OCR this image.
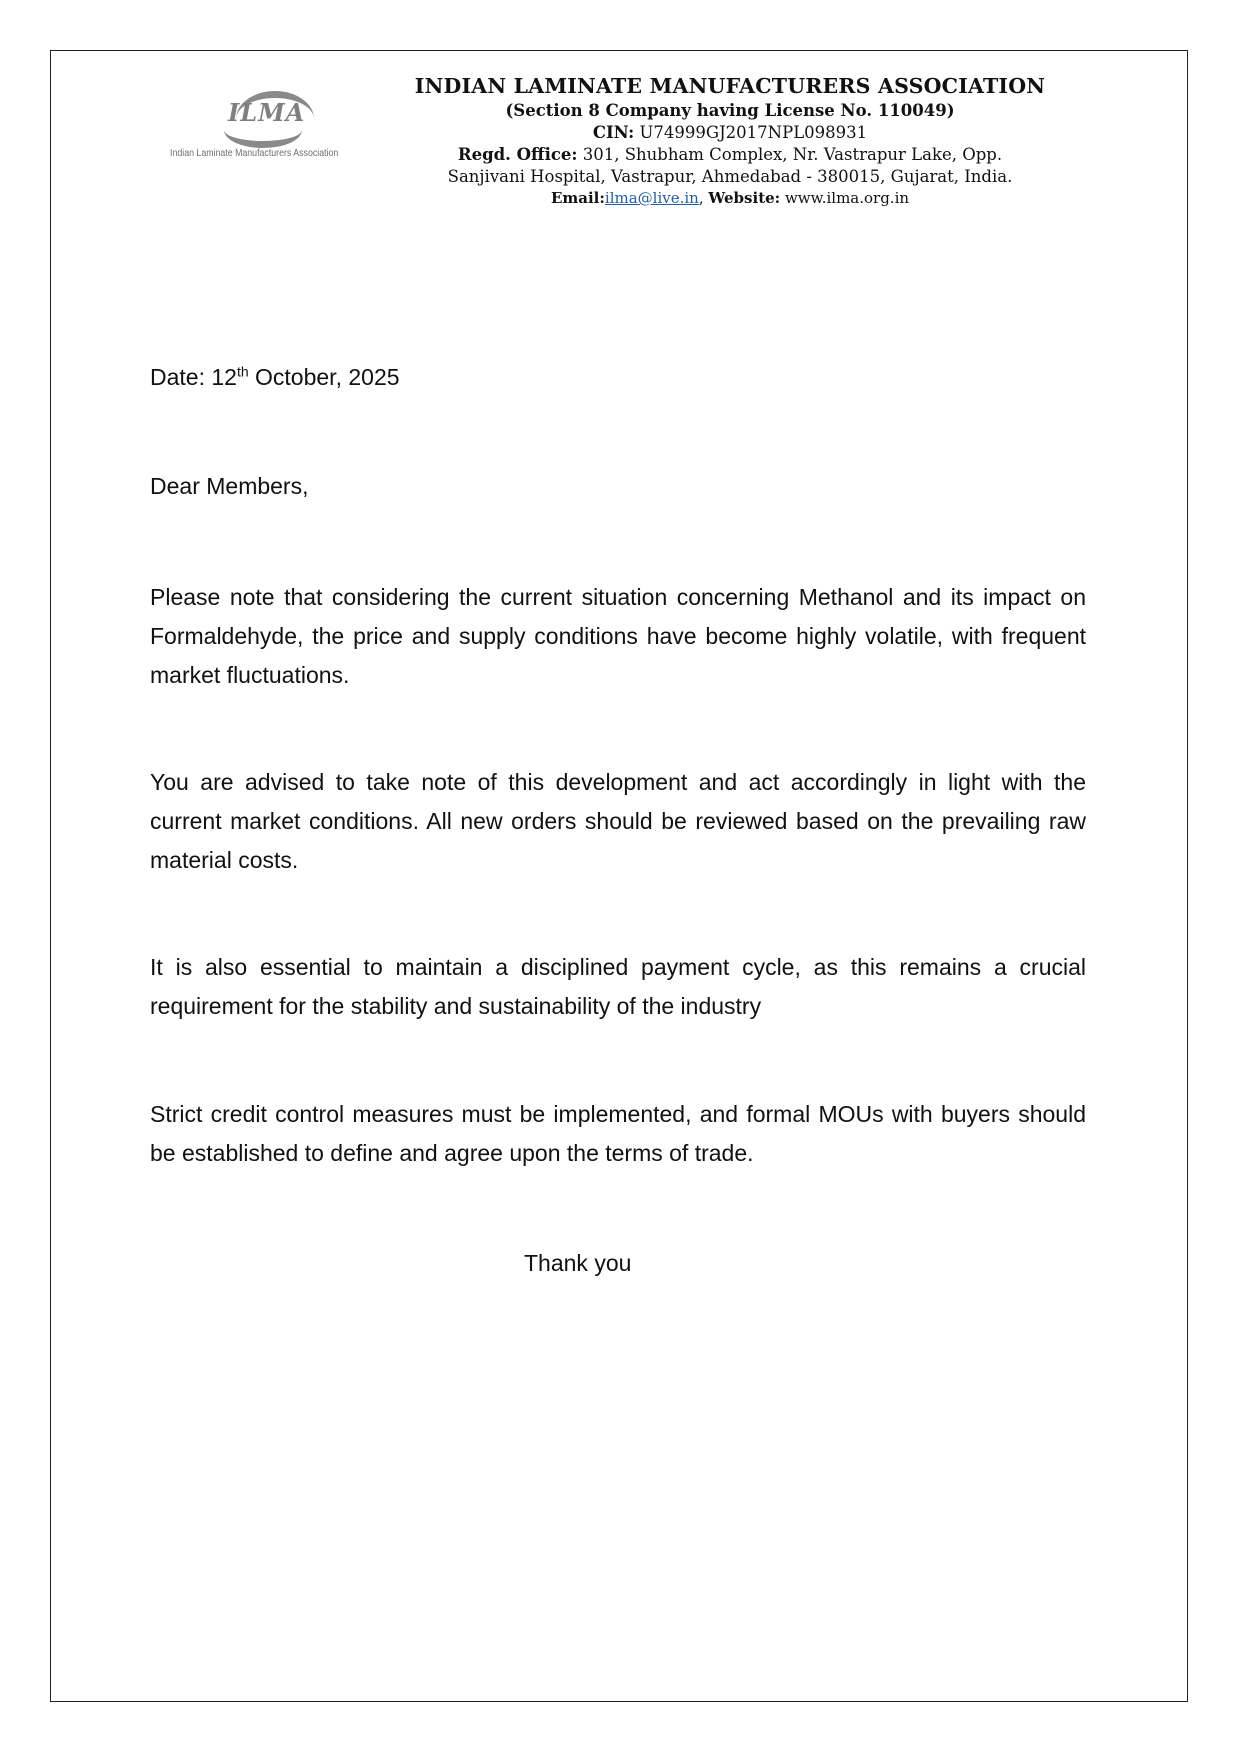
ILMA
Indian Laminate Manufacturers Association
INDIAN LAMINATE MANUFACTURERS ASSOCIATION
(Section 8 Company having License No. 110049)
CIN: U74999GJ2017NPL098931
Regd. Office: 301, Shubham Complex, Nr. Vastrapur Lake, Opp.
Sanjivani Hospital, Vastrapur, Ahmedabad - 380015, Gujarat, India.
Email:ilma@live.in, Website: www.ilma.org.in
Date: 12th October, 2025
Dear Members,
Please note that considering the current situation concerning Methanol and its impact on Formaldehyde, the price and supply conditions have become highly volatile, with frequent market fluctuations.
You are advised to take note of this development and act accordingly in light with the current market conditions. All new orders should be reviewed based on the prevailing raw material costs.
It is also essential to maintain a disciplined payment cycle, as this remains a crucial requirement for the stability and sustainability of the industry
Strict credit control measures must be implemented, and formal MOUs with buyers should be established to define and agree upon the terms of trade.
Thank you
